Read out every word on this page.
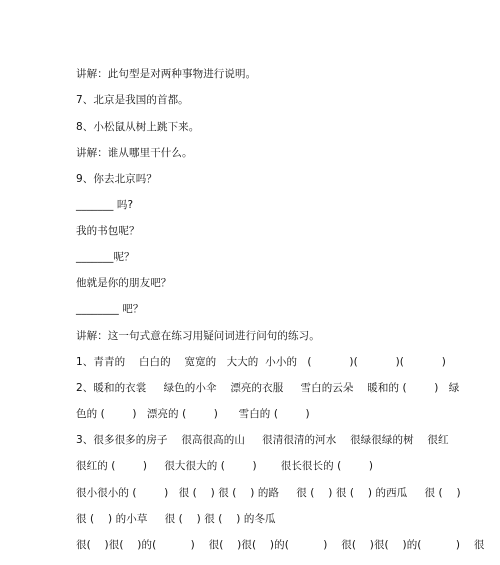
讲解：此句型是对两种事物进行说明。
7、北京是我国的首都。
8、小松鼠从树上跳下来。
讲解：谁从哪里干什么。
9、你去北京吗？
_______ 吗?
我的书包呢？
_______呢？
他就是你的朋友吧？
________ 吧？
讲解：这一句式意在练习用疑问词进行问句的练习。
1、青青的    白白的    宽宽的   大大的  小小的   (           )(           )(           )
2、暖和的衣裳     绿色的小伞    漂亮的衣服     雪白的云朵    暖和的 (        )   绿
色的 (        )   漂亮的 (        )      雪白的 (        )
3、很多很多的房子    很高很高的山     很清很清的河水    很绿很绿的树    很红
很红的 (        )     很大很大的 (        )       很长很长的 (        )
很小很小的 (        )   很 (    ) 很 (    ) 的路     很 (    ) 很 (    ) 的西瓜     很 (    )
很 (    ) 的小草     很 (    ) 很 (    ) 的冬瓜
很(    )很(    )的(          )    很(    )很(    )的(          )    很(    )很(    )的(          )    很
